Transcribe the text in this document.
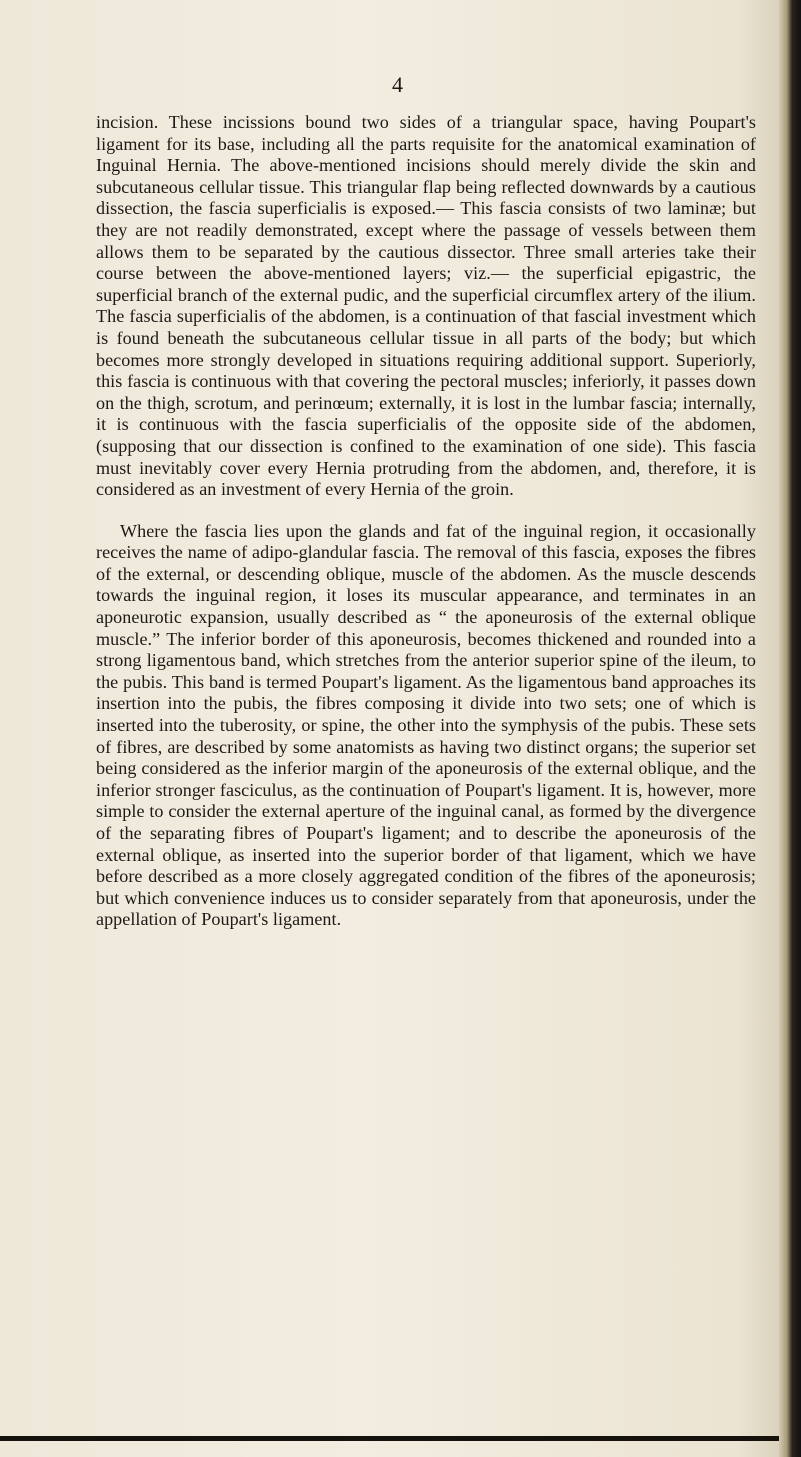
4

incision. These incissions bound two sides of a triangular space, having Poupart's ligament for its base, including all the parts requisite for the anatomical examination of Inguinal Hernia. The above-mentioned incisions should merely divide the skin and subcutaneous cellular tissue. This triangular flap being reflected downwards by a cautious dissection, the fascia superficialis is exposed.— This fascia consists of two laminæ; but they are not readily demonstrated, except where the passage of vessels between them allows them to be separated by the cautious dissector. Three small arteries take their course between the above-mentioned layers; viz.— the superficial epigastric, the superficial branch of the external pudic, and the superficial circumflex artery of the ilium. The fascia superficialis of the abdomen, is a continuation of that fascial investment which is found beneath the subcutaneous cellular tissue in all parts of the body; but which becomes more strongly developed in situations requiring additional support. Superiorly, this fascia is continuous with that covering the pectoral muscles; inferiorly, it passes down on the thigh, scrotum, and perinœum; externally, it is lost in the lumbar fascia; internally, it is continuous with the fascia superficialis of the opposite side of the abdomen, (supposing that our dissection is confined to the examination of one side). This fascia must inevitably cover every Hernia protruding from the abdomen, and, therefore, it is considered as an investment of every Hernia of the groin.

Where the fascia lies upon the glands and fat of the inguinal region, it occasionally receives the name of adipo-glandular fascia. The removal of this fascia, exposes the fibres of the external, or descending oblique, muscle of the abdomen. As the muscle descends towards the inguinal region, it loses its muscular appearance, and terminates in an aponeurotic expansion, usually described as “ the aponeurosis of the external oblique muscle.” The inferior border of this aponeurosis, becomes thickened and rounded into a strong ligamentous band, which stretches from the anterior superior spine of the ileum, to the pubis. This band is termed Poupart's ligament. As the ligamentous band approaches its insertion into the pubis, the fibres composing it divide into two sets; one of which is inserted into the tuberosity, or spine, the other into the symphysis of the pubis. These sets of fibres, are described by some anatomists as having two distinct organs; the superior set being considered as the inferior margin of the aponeurosis of the external oblique, and the inferior stronger fasciculus, as the continuation of Poupart's ligament. It is, however, more simple to consider the external aperture of the inguinal canal, as formed by the divergence of the separating fibres of Poupart's ligament; and to describe the aponeurosis of the external oblique, as inserted into the superior border of that ligament, which we have before described as a more closely aggregated condition of the fibres of the aponeurosis; but which convenience induces us to consider separately from that aponeurosis, under the appellation of Poupart's ligament.
